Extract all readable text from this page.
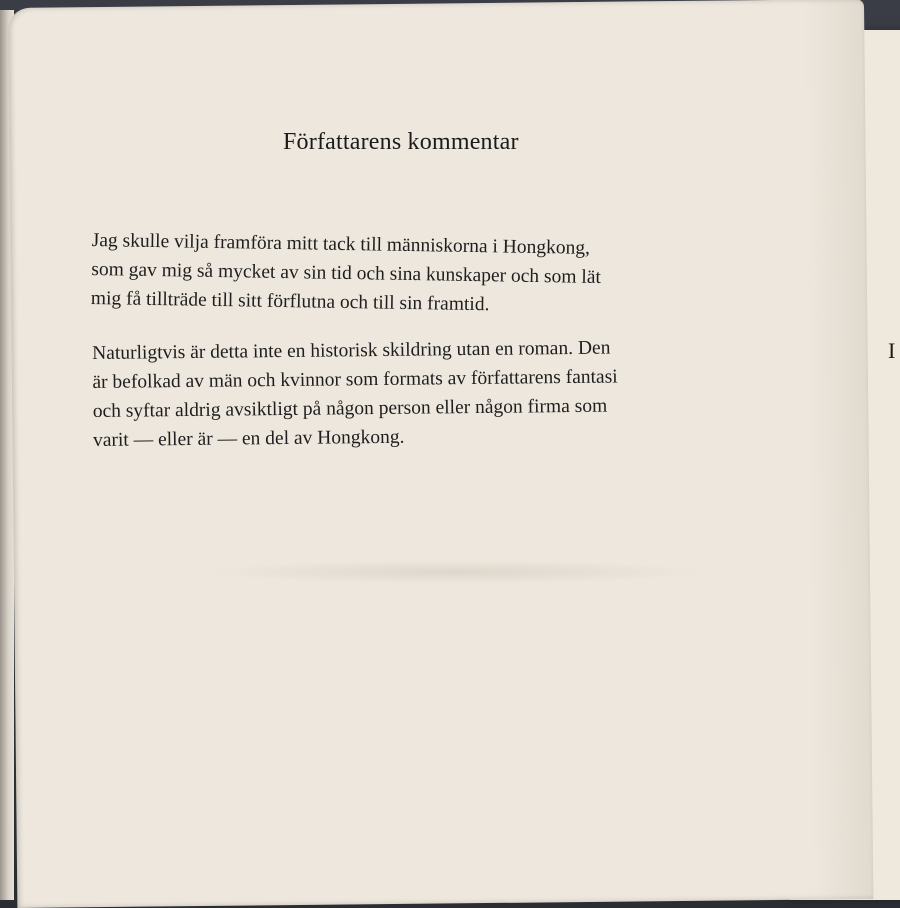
I
Författarens kommentar

Jag skulle vilja framföra mitt tack till människorna i Hongkong,
som gav mig så mycket av sin tid och sina kunskaper och som lät
mig få tillträde till sitt förflutna och till sin framtid.

Naturligtvis är detta inte en historisk skildring utan en roman. Den
är befolkad av män och kvinnor som formats av författarens fantasi
och syftar aldrig avsiktligt på någon person eller någon firma som
varit — eller är — en del av Hongkong.
